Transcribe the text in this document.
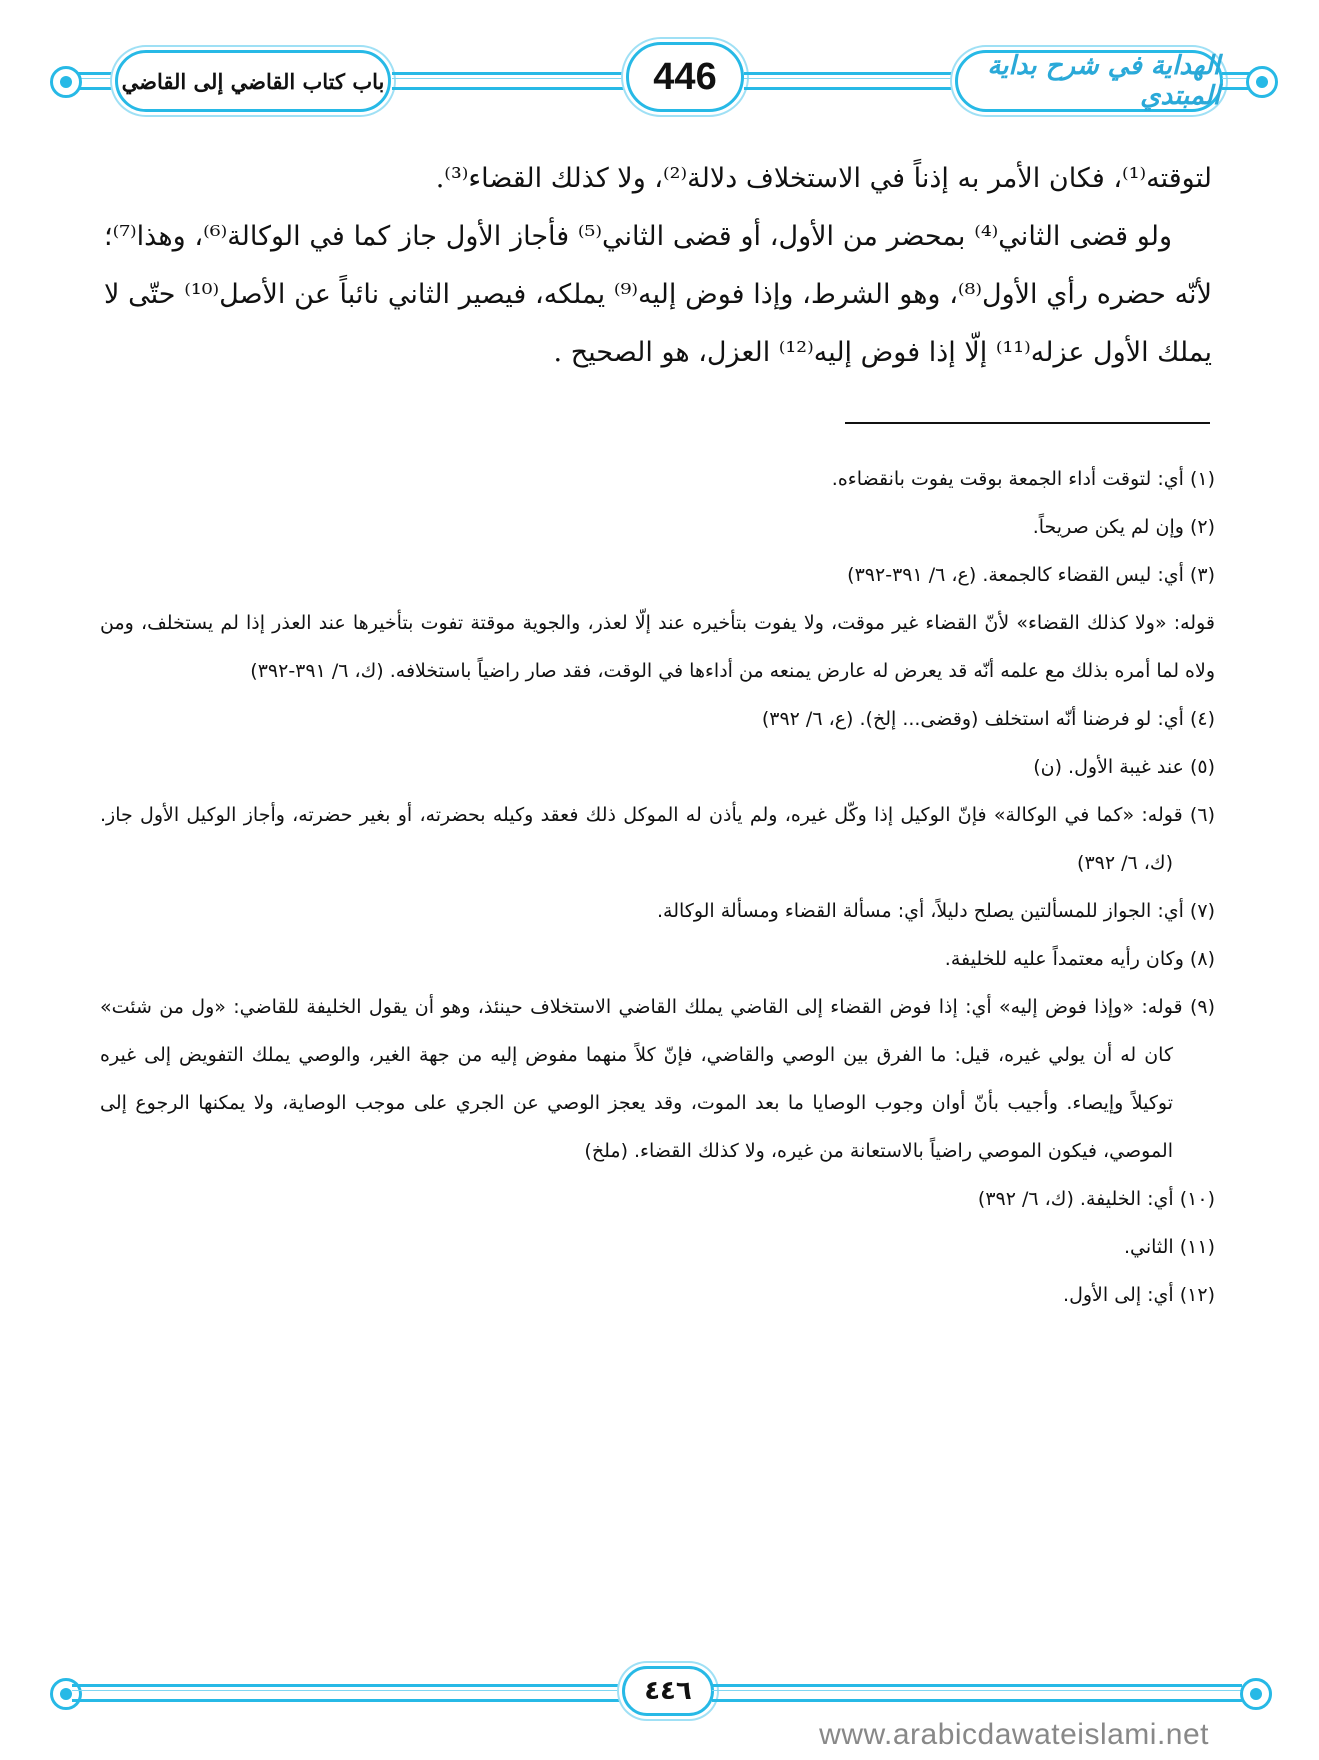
باب كتاب القاضي إلى القاضي	446	الهداية في شرح بداية المبتدي

لتوقته⁽¹⁾، فكان الأمر به إذناً في الاستخلاف دلالة⁽²⁾، ولا كذلك القضاء⁽³⁾.

ولو قضى الثاني⁽⁴⁾ بمحضر من الأول، أو قضى الثاني⁽⁵⁾ فأجاز الأول جاز كما في الوكالة⁽⁶⁾، وهذا⁽⁷⁾؛ لأنّه حضره رأي الأول⁽⁸⁾، وهو الشرط، وإذا فوض إليه⁽⁹⁾ يملكه، فيصير الثاني نائباً عن الأصل⁽¹⁰⁾ حتّى لا يملك الأول عزله⁽¹¹⁾ إلّا إذا فوض إليه⁽¹²⁾ العزل، هو الصحيح .

(١) أي: لتوقت أداء الجمعة بوقت يفوت بانقضاءه.

(٢) وإن لم يكن صريحاً.

(٣) أي: ليس القضاء كالجمعة. (ع، ٦/ ٣٩١-٣٩٢)

قوله: «ولا كذلك القضاء» لأنّ القضاء غير موقت، ولا يفوت بتأخيره عند إلّا لعذر، والجوية موقتة تفوت بتأخيرها عند العذر إذا لم يستخلف، ومن ولاه لما أمره بذلك مع علمه أنّه قد يعرض له عارض يمنعه من أداءها في الوقت، فقد صار راضياً باستخلافه. (ك، ٦/ ٣٩١-٣٩٢)

(٤) أي: لو فرضنا أنّه استخلف (وقضى... إلخ). (ع، ٦/ ٣٩٢)

(٥) عند غيبة الأول. (ن)

(٦) قوله: «كما في الوكالة» فإنّ الوكيل إذا وكّل غيره، ولم يأذن له الموكل ذلك فعقد وكيله بحضرته، أو بغير حضرته، وأجاز الوكيل الأول جاز. (ك، ٦/ ٣٩٢)

(٧) أي: الجواز للمسألتين يصلح دليلاً، أي: مسألة القضاء ومسألة الوكالة.

(٨) وكان رأيه معتمداً عليه للخليفة.

(٩) قوله: «وإذا فوض إليه» أي: إذا فوض القضاء إلى القاضي يملك القاضي الاستخلاف حينئذ، وهو أن يقول الخليفة للقاضي: «ول من شئت» كان له أن يولي غيره، قيل: ما الفرق بين الوصي والقاضي، فإنّ كلاً منهما مفوض إليه من جهة الغير، والوصي يملك التفويض إلى غيره توكيلاً وإيصاء. وأجيب بأنّ أوان وجوب الوصايا ما بعد الموت، وقد يعجز الوصي عن الجري على موجب الوصاية، ولا يمكنها الرجوع إلى الموصي، فيكون الموصي راضياً بالاستعانة من غيره، ولا كذلك القضاء. (ملخ)

(١٠) أي: الخليفة. (ك، ٦/ ٣٩٢)

(١١) الثاني.

(١٢) أي: إلى الأول.

٤٤٦
www.arabicdawateislami.net
